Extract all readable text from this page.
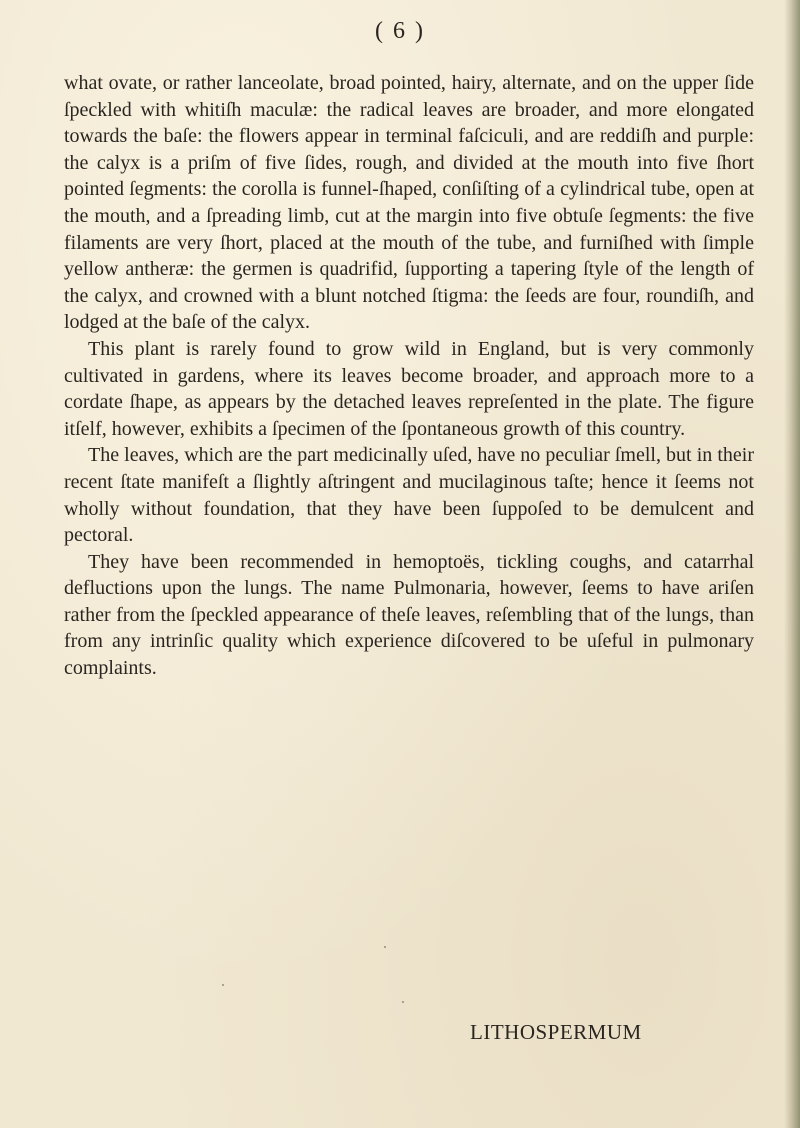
( 6 )

what ovate, or rather lanceolate, broad pointed, hairy, alternate, and on the upper ſide ſpeckled with whitiſh maculæ: the radical leaves are broader, and more elongated towards the baſe: the flowers appear in terminal faſciculi, and are reddiſh and purple: the calyx is a priſm of five ſides, rough, and divided at the mouth into five ſhort pointed ſegments: the corolla is funnel-ſhaped, conſiſting of a cylindrical tube, open at the mouth, and a ſpreading limb, cut at the margin into five obtuſe ſegments: the five filaments are very ſhort, placed at the mouth of the tube, and furniſhed with ſimple yellow antheræ: the germen is quadrifid, ſupporting a tapering ſtyle of the length of the calyx, and crowned with a blunt notched ſtigma: the ſeeds are four, roundiſh, and lodged at the baſe of the calyx.

This plant is rarely found to grow wild in England, but is very commonly cultivated in gardens, where its leaves become broader, and approach more to a cordate ſhape, as appears by the detached leaves repreſented in the plate. The figure itſelf, however, exhibits a ſpecimen of the ſpontaneous growth of this country.

The leaves, which are the part medicinally uſed, have no peculiar ſmell, but in their recent ſtate manifeſt a ſlightly aſtringent and mucilaginous taſte; hence it ſeems not wholly without foundation, that they have been ſuppoſed to be demulcent and pectoral.

They have been recommended in hemoptoës, tickling coughs, and catarrhal defluctions upon the lungs. The name Pulmonaria, however, ſeems to have ariſen rather from the ſpeckled appearance of theſe leaves, reſembling that of the lungs, than from any intrinſic quality which experience diſcovered to be uſeful in pulmonary complaints.

LITHOSPERMUM
